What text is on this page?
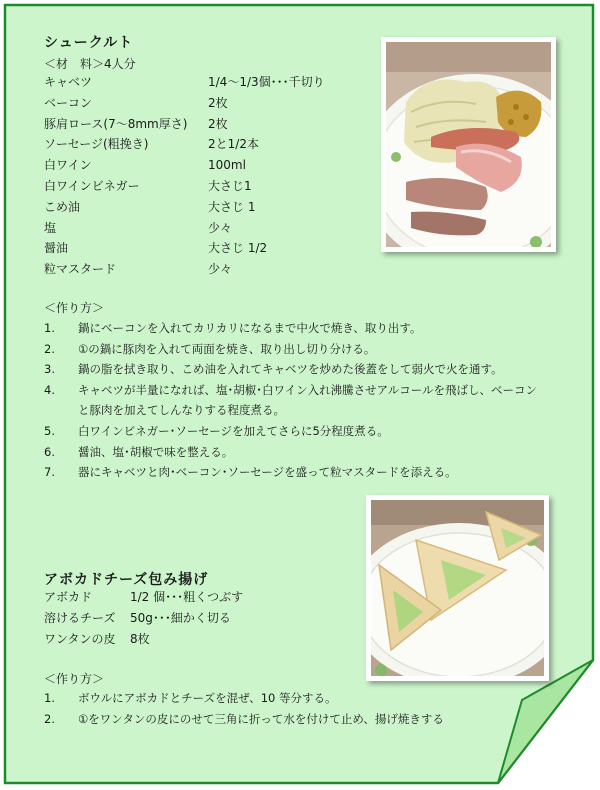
シュークルト
＜材　料＞4人分
キャベツ	1/4～1/3個･･･千切り
ベーコン	2枚
豚肩ロース(7～8mm厚さ) 2枚
ソーセージ(粗挽き)	2と1/2本
白ワイン	100ml
白ワインビネガー	大さじ1
こめ油	大さじ 1
塩	少々
醤油	大さじ 1/2
粒マスタード	少々
＜作り方＞
1. 鍋にベーコンを入れてカリカリになるまで中火で焼き、取り出す。
2. ①の鍋に豚肉を入れて両面を焼き、取り出し切り分ける。
3. 鍋の脂を拭き取り、こめ油を入れてキャベツを炒めた後蓋をして弱火で火を通す。
4. キャベツが半量になれば、塩･胡椒･白ワイン入れ沸騰させアルコールを飛ばし、ベーコンと豚肉を加えてしんなりする程度煮る。
5. 白ワインビネガー･ソーセージを加えてさらに5分程度煮る。
6. 醤油、塩･胡椒で味を整える。
7. 器にキャベツと肉･ベーコン･ソーセージを盛って粒マスタードを添える。
アボカドチーズ包み揚げ
アボカド	1/2 個･･･粗くつぶす
溶けるチーズ 50g･･･細かく切る
ワンタンの皮 8枚
＜作り方＞
1. ボウルにアボカドとチーズを混ぜ、10 等分する。
2. ①をワンタンの皮にのせて三角に折って水を付けて止め、揚げ焼きする
